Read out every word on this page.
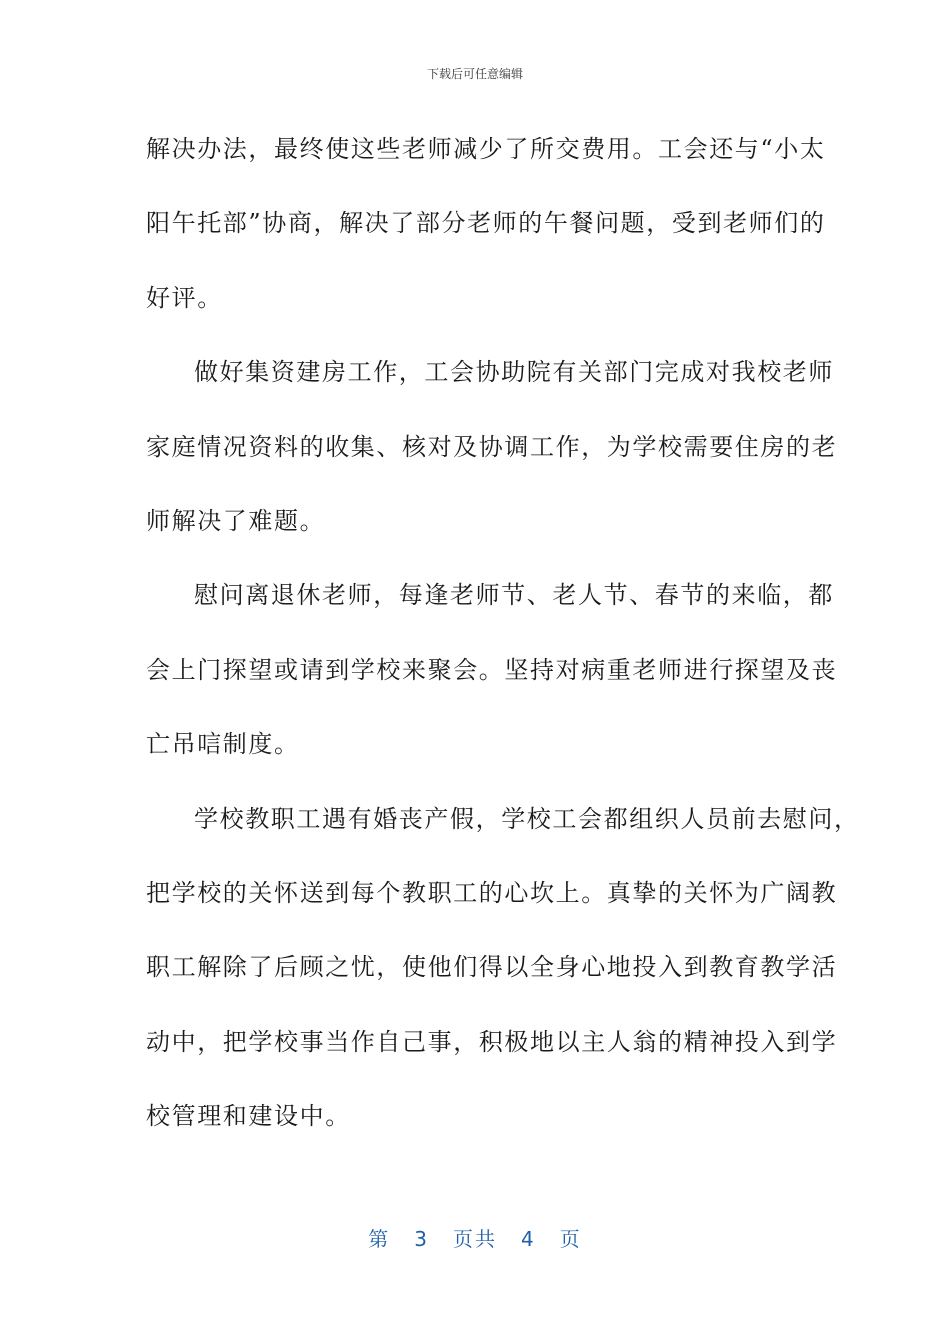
下载后可任意编辑
解决办法，最终使这些老师减少了所交费用。工会还与“小太
阳午托部”协商，解决了部分老师的午餐问题，受到老师们的
好评。
做好集资建房工作，工会协助院有关部门完成对我校老师
家庭情况资料的收集、核对及协调工作，为学校需要住房的老
师解决了难题。
慰问离退休老师，每逢老师节、老人节、春节的来临，都
会上门探望或请到学校来聚会。坚持对病重老师进行探望及丧
亡吊唁制度。
学校教职工遇有婚丧产假，学校工会都组织人员前去慰问，
把学校的关怀送到每个教职工的心坎上。真挚的关怀为广阔教
职工解除了后顾之忧，使他们得以全身心地投入到教育教学活
动中，把学校事当作自己事，积极地以主人翁的精神投入到学
校管理和建设中。
第 3 页共 4 页
